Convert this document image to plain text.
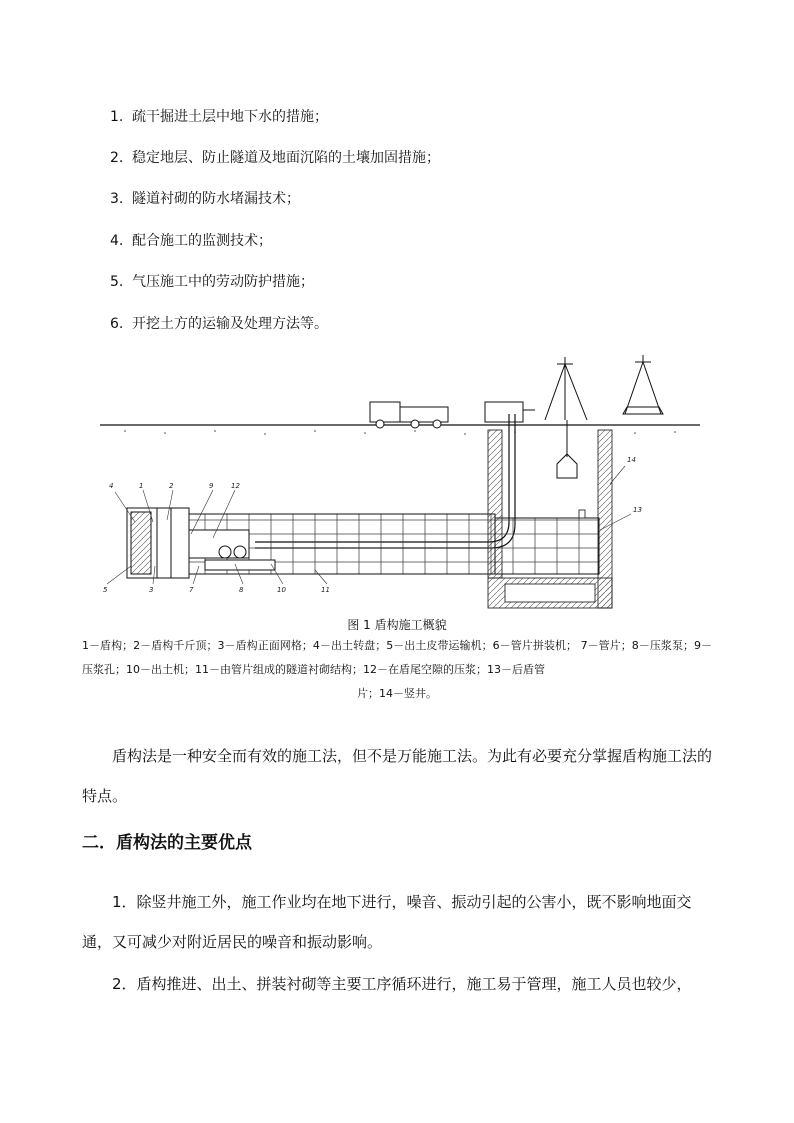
1. 疏干掘进土层中地下水的措施；
2. 稳定地层、防止隧道及地面沉陷的土壤加固措施；
3. 隧道衬砌的防水堵漏技术；
4. 配合施工的监测技术；
5. 气压施工中的劳动防护措施；
6. 开挖土方的运输及处理方法等。
4	1	2	9	12
5	3	7	8	10	11
14
13
6
图 1 盾构施工概貌
1－盾构；2－盾构千斤顶；3－盾构正面网格；4－出土转盘；5－出土皮带运输机；6－管片拼装机； 7－管片；8－压浆泵；9－压浆孔；10－出土机；11－由管片组成的隧道衬砌结构；12－在盾尾空隙的压浆；13－后盾管
片；14－竖井。
盾构法是一种安全而有效的施工法，但不是万能施工法。为此有必要充分掌握盾构施工法的特点。
二．盾构法的主要优点
1．除竖井施工外，施工作业均在地下进行，噪音、振动引起的公害小，既不影响地面交通，又可减少对附近居民的噪音和振动影响。
2．盾构推进、出土、拼装衬砌等主要工序循环进行，施工易于管理，施工人员也较少，
